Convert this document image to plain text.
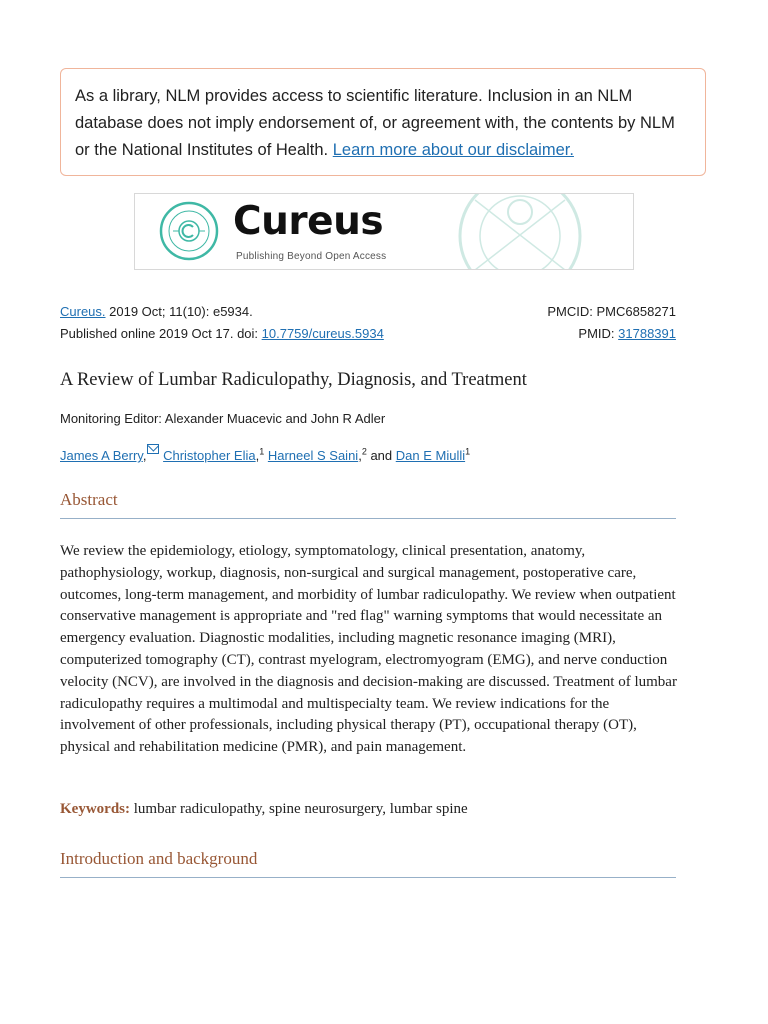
As a library, NLM provides access to scientific literature. Inclusion in an NLM database does not imply endorsement of, or agreement with, the contents by NLM or the National Institutes of Health. Learn more about our disclaimer.
Cureus
Publishing Beyond Open Access
Cureus. 2019 Oct; 11(10): e5934.	PMCID: PMC6858271
Published online 2019 Oct 17. doi: 10.7759/cureus.5934	PMID: 31788391
A Review of Lumbar Radiculopathy, Diagnosis, and Treatment
Monitoring Editor: Alexander Muacevic and John R Adler
James A Berry, Christopher Elia,$^1$ Harneel S Saini,$^2$ and Dan E Miulli$^1$
Abstract
We review the epidemiology, etiology, symptomatology, clinical presentation, anatomy, pathophysiology, workup, diagnosis, non-surgical and surgical management, postoperative care, outcomes, long-term management, and morbidity of lumbar radiculopathy. We review when outpatient conservative management is appropriate and "red flag" warning symptoms that would necessitate an emergency evaluation. Diagnostic modalities, including magnetic resonance imaging (MRI), computerized tomography (CT), contrast myelogram, electromyogram (EMG), and nerve conduction velocity (NCV), are involved in the diagnosis and decision-making are discussed. Treatment of lumbar radiculopathy requires a multimodal and multispecialty team. We review indications for the involvement of other professionals, including physical therapy (PT), occupational therapy (OT), physical and rehabilitation medicine (PMR), and pain management.
Keywords: lumbar radiculopathy, spine neurosurgery, lumbar spine
Introduction and background
